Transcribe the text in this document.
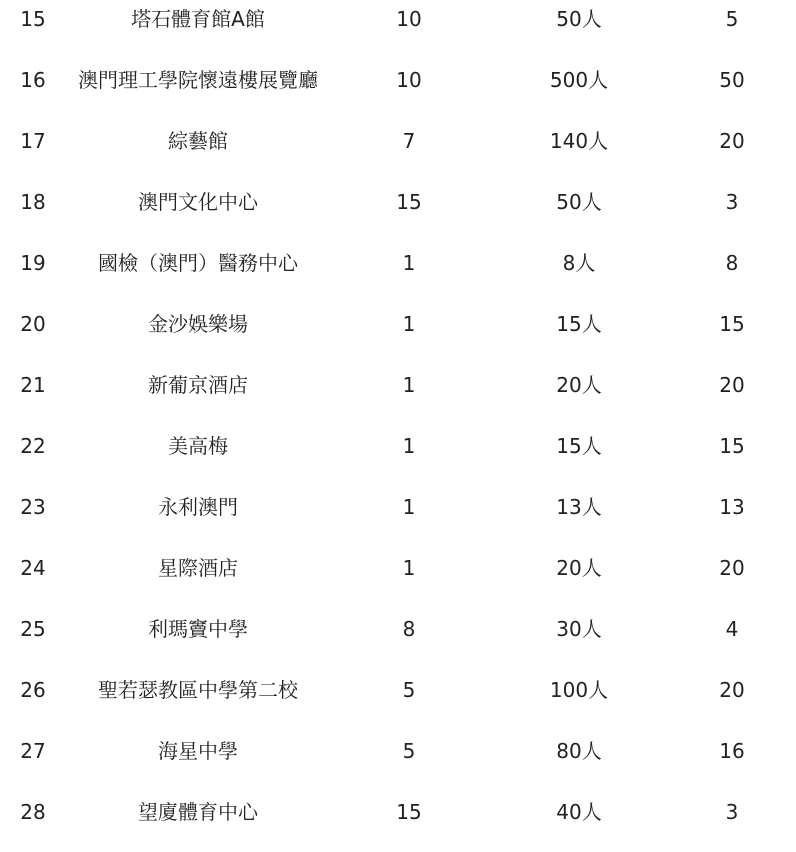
15	塔石體育館A館	10	50人	5
16	澳門理工學院懷遠樓展覽廳	10	500人	50
17	綜藝館	7	140人	20
18	澳門文化中心	15	50人	3
19	國檢（澳門）醫務中心	1	8人	8
20	金沙娛樂場	1	15人	15
21	新葡京酒店	1	20人	20
22	美高梅	1	15人	15
23	永利澳門	1	13人	13
24	星際酒店	1	20人	20
25	利瑪竇中學	8	30人	4
26	聖若瑟教區中學第二校	5	100人	20
27	海星中學	5	80人	16
28	望廈體育中心	15	40人	3
